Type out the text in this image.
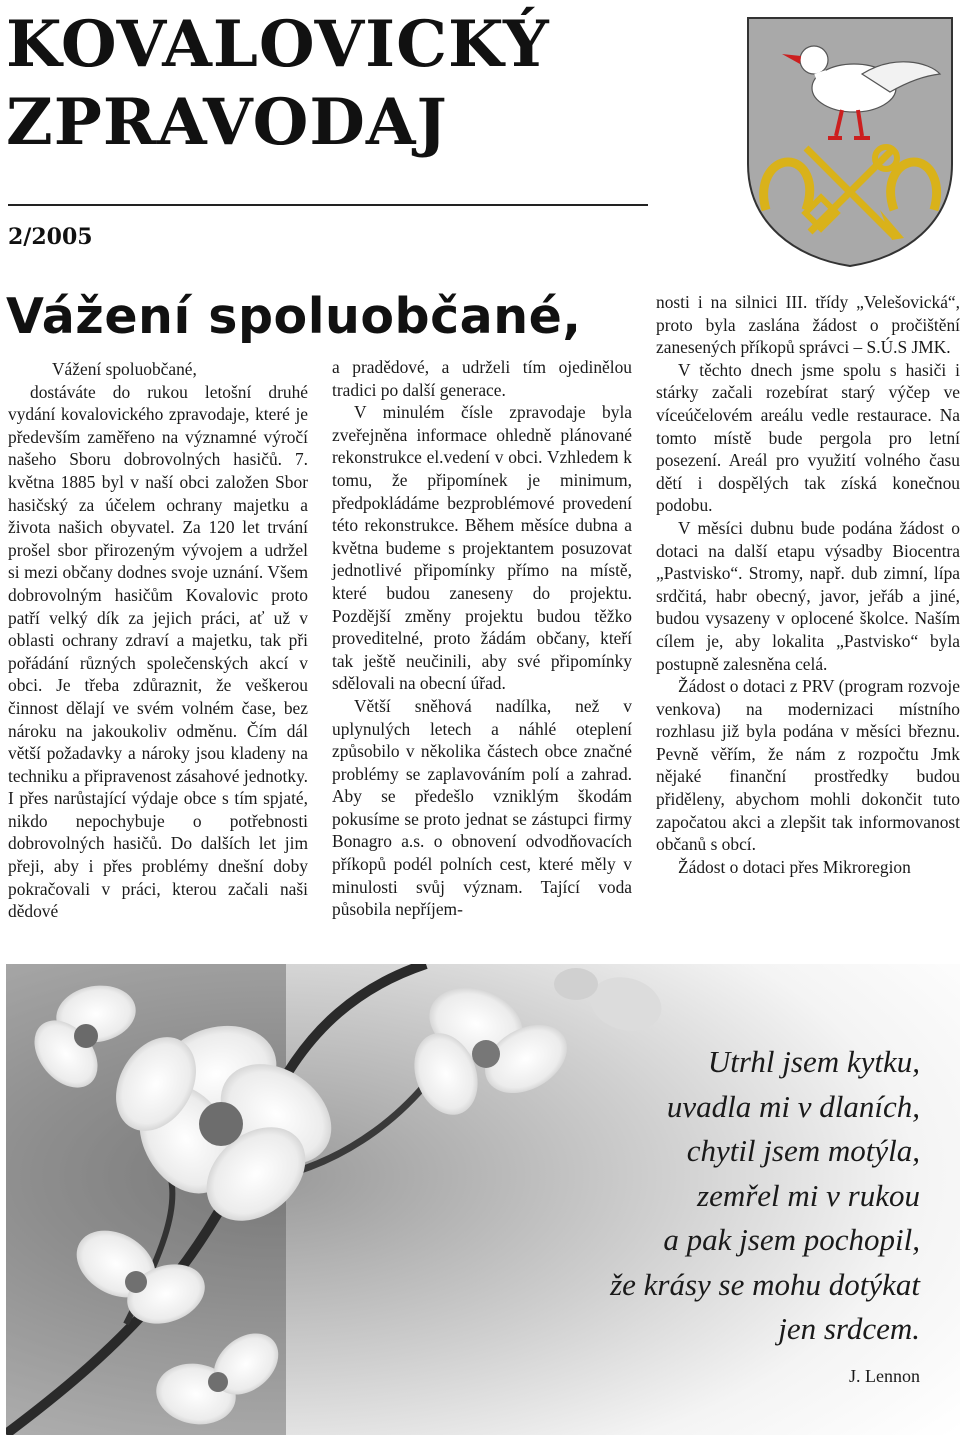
KOVALOVICKÝ
ZPRAVODAJ
2/2005
Vážení spoluobčané,

Vážení spoluobčané,

dostáváte do rukou letošní druhé vydání kovalovického zpravodaje, které je především zaměřeno na významné výročí našeho Sboru dobrovolných hasičů. 7. května 1885 byl v naší obci založen Sbor hasičský za účelem ochrany majetku a života našich obyvatel. Za 120 let trvání prošel sbor přirozeným vývojem a udržel si mezi občany dodnes svoje uznání. Všem dobrovolným hasičům Kovalovic proto patří velký dík za jejich práci, ať už v oblasti ochrany zdraví a majetku, tak při pořádání různých společenských akcí v obci. Je třeba zdůraznit, že veškerou činnost dělají ve svém volném čase, bez nároku na jakoukoliv odměnu. Čím dál větší požadavky a nároky jsou kladeny na techniku a připravenost zásahové jednotky. I přes narůstající výdaje obce s tím spjaté, nikdo nepochybuje o potřebnosti dobrovolných hasičů. Do dalších let jim přeji, aby i přes problémy dnešní doby pokračovali v práci, kterou začali naši dědové

a pradědové, a udrželi tím ojedinělou tradici po další generace.

V minulém čísle zpravodaje byla zveřejněna informace ohledně plánované rekonstrukce el.vedení v obci. Vzhledem k tomu, že připomínek je minimum, předpokládáme bezproblémové provedení této rekonstrukce. Během měsíce dubna a května budeme s projektantem posuzovat jednotlivé připomínky přímo na místě, které budou zaneseny do projektu. Pozdější změny projektu budou těžko proveditelné, proto žádám občany, kteří tak ještě neučinili, aby své připomínky sdělovali na obecní úřad.

Větší sněhová nadílka, než v uplynulých letech a náhlé oteplení způsobilo v několika částech obce značné problémy se zaplavováním polí a zahrad. Aby se předešlo vzniklým škodám pokusíme se proto jednat se zástupci firmy Bonagro a.s. o obnovení odvodňovacích příkopů podél polních cest, které měly v minulosti svůj význam. Tající voda působila nepříjem-

nosti i na silnici III. třídy „Velešovická“, proto byla zaslána žádost o pročištění zanesených příkopů správci – S.Ú.S JMK.

V těchto dnech jsme spolu s hasiči i stárky začali rozebírat starý výčep ve víceúčelovém areálu vedle restaurace. Na tomto místě bude pergola pro letní posezení. Areál pro využití volného času dětí i dospělých tak získá konečnou podobu.

V měsíci dubnu bude podána žádost o dotaci na další etapu výsadby Biocentra „Pastvisko“. Stromy, např. dub zimní, lípa srdčitá, habr obecný, javor, jeřáb a jiné, budou vysazeny v oplocené školce. Naším cílem je, aby lokalita „Pastvisko“ byla postupně zalesněna celá.

Žádost o dotaci z PRV (program rozvoje venkova) na modernizaci místního rozhlasu již byla podána v měsíci březnu. Pevně věřím, že nám z rozpočtu Jmk nějaké finanční prostředky budou přiděleny, abychom mohli dokončit tuto započatou akci a zlepšit tak informovanost občanů s obcí.

Žádost o dotaci přes Mikroregion

Utrhl jsem kytku,
uvadla mi v dlaních,
chytil jsem motýla,
zemřel mi v rukou
a pak jsem pochopil,
že krásy se mohu dotýkat
jen srdcem.
J. Lennon
